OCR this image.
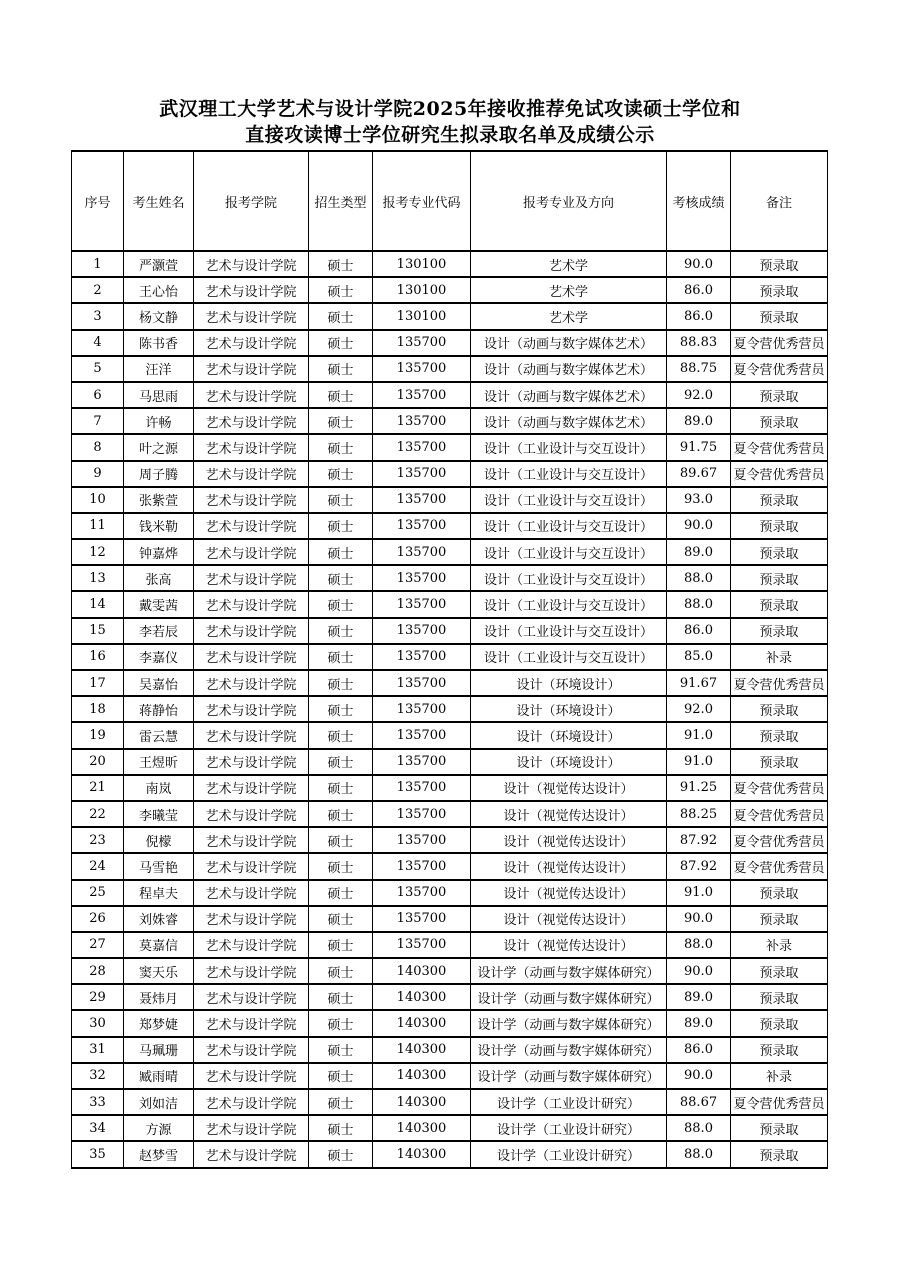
武汉理工大学艺术与设计学院2025年接收推荐免试攻读硕士学位和
直接攻读博士学位研究生拟录取名单及成绩公示
序号	考生姓名	报考学院	招生类型	报考专业代码	报考专业及方向	考核成绩	备注
1	严灏萱	艺术与设计学院	硕士	130100	艺术学	90.0	预录取
2	王心怡	艺术与设计学院	硕士	130100	艺术学	86.0	预录取
3	杨文静	艺术与设计学院	硕士	130100	艺术学	86.0	预录取
4	陈书香	艺术与设计学院	硕士	135700	设计（动画与数字媒体艺术）	88.83	夏令营优秀营员
5	汪洋	艺术与设计学院	硕士	135700	设计（动画与数字媒体艺术）	88.75	夏令营优秀营员
6	马思雨	艺术与设计学院	硕士	135700	设计（动画与数字媒体艺术）	92.0	预录取
7	许畅	艺术与设计学院	硕士	135700	设计（动画与数字媒体艺术）	89.0	预录取
8	叶之源	艺术与设计学院	硕士	135700	设计（工业设计与交互设计）	91.75	夏令营优秀营员
9	周子腾	艺术与设计学院	硕士	135700	设计（工业设计与交互设计）	89.67	夏令营优秀营员
10	张紫萱	艺术与设计学院	硕士	135700	设计（工业设计与交互设计）	93.0	预录取
11	钱米勒	艺术与设计学院	硕士	135700	设计（工业设计与交互设计）	90.0	预录取
12	钟嘉烨	艺术与设计学院	硕士	135700	设计（工业设计与交互设计）	89.0	预录取
13	张高	艺术与设计学院	硕士	135700	设计（工业设计与交互设计）	88.0	预录取
14	戴雯茜	艺术与设计学院	硕士	135700	设计（工业设计与交互设计）	88.0	预录取
15	李若辰	艺术与设计学院	硕士	135700	设计（工业设计与交互设计）	86.0	预录取
16	李嘉仪	艺术与设计学院	硕士	135700	设计（工业设计与交互设计）	85.0	补录
17	吴嘉怡	艺术与设计学院	硕士	135700	设计（环境设计）	91.67	夏令营优秀营员
18	蒋静怡	艺术与设计学院	硕士	135700	设计（环境设计）	92.0	预录取
19	雷云慧	艺术与设计学院	硕士	135700	设计（环境设计）	91.0	预录取
20	王煜昕	艺术与设计学院	硕士	135700	设计（环境设计）	91.0	预录取
21	南岚	艺术与设计学院	硕士	135700	设计（视觉传达设计）	91.25	夏令营优秀营员
22	李曦莹	艺术与设计学院	硕士	135700	设计（视觉传达设计）	88.25	夏令营优秀营员
23	倪檬	艺术与设计学院	硕士	135700	设计（视觉传达设计）	87.92	夏令营优秀营员
24	马雪艳	艺术与设计学院	硕士	135700	设计（视觉传达设计）	87.92	夏令营优秀营员
25	程卓夫	艺术与设计学院	硕士	135700	设计（视觉传达设计）	91.0	预录取
26	刘姝睿	艺术与设计学院	硕士	135700	设计（视觉传达设计）	90.0	预录取
27	莫嘉信	艺术与设计学院	硕士	135700	设计（视觉传达设计）	88.0	补录
28	窦天乐	艺术与设计学院	硕士	140300	设计学（动画与数字媒体研究）	90.0	预录取
29	聂炜月	艺术与设计学院	硕士	140300	设计学（动画与数字媒体研究）	89.0	预录取
30	郑梦婕	艺术与设计学院	硕士	140300	设计学（动画与数字媒体研究）	89.0	预录取
31	马珮珊	艺术与设计学院	硕士	140300	设计学（动画与数字媒体研究）	86.0	预录取
32	臧雨晴	艺术与设计学院	硕士	140300	设计学（动画与数字媒体研究）	90.0	补录
33	刘如洁	艺术与设计学院	硕士	140300	设计学（工业设计研究）	88.67	夏令营优秀营员
34	方源	艺术与设计学院	硕士	140300	设计学（工业设计研究）	88.0	预录取
35	赵梦雪	艺术与设计学院	硕士	140300	设计学（工业设计研究）	88.0	预录取
